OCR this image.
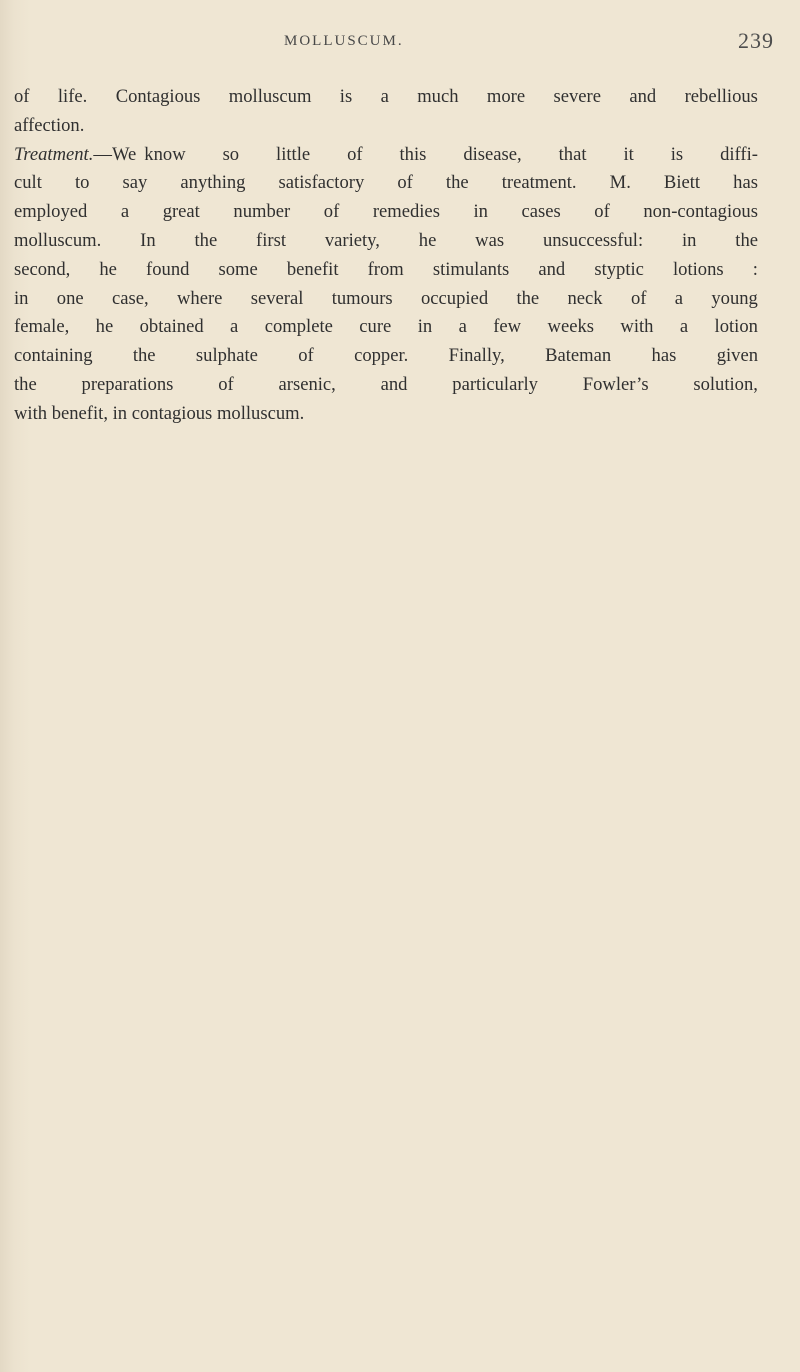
MOLLUSCUM.	239
of life. Contagious molluscum is a much more severe and rebellious
affection.
Treatment.—We know so little of this disease, that it is diffi-
cult to say anything satisfactory of the treatment. M. Biett has
employed a great number of remedies in cases of non-contagious
molluscum. In the first variety, he was unsuccessful: in the
second, he found some benefit from stimulants and styptic lotions :
in one case, where several tumours occupied the neck of a young
female, he obtained a complete cure in a few weeks with a lotion
containing the sulphate of copper. Finally, Bateman has given
the preparations of arsenic, and particularly Fowler’s solution,
with benefit, in contagious molluscum.
